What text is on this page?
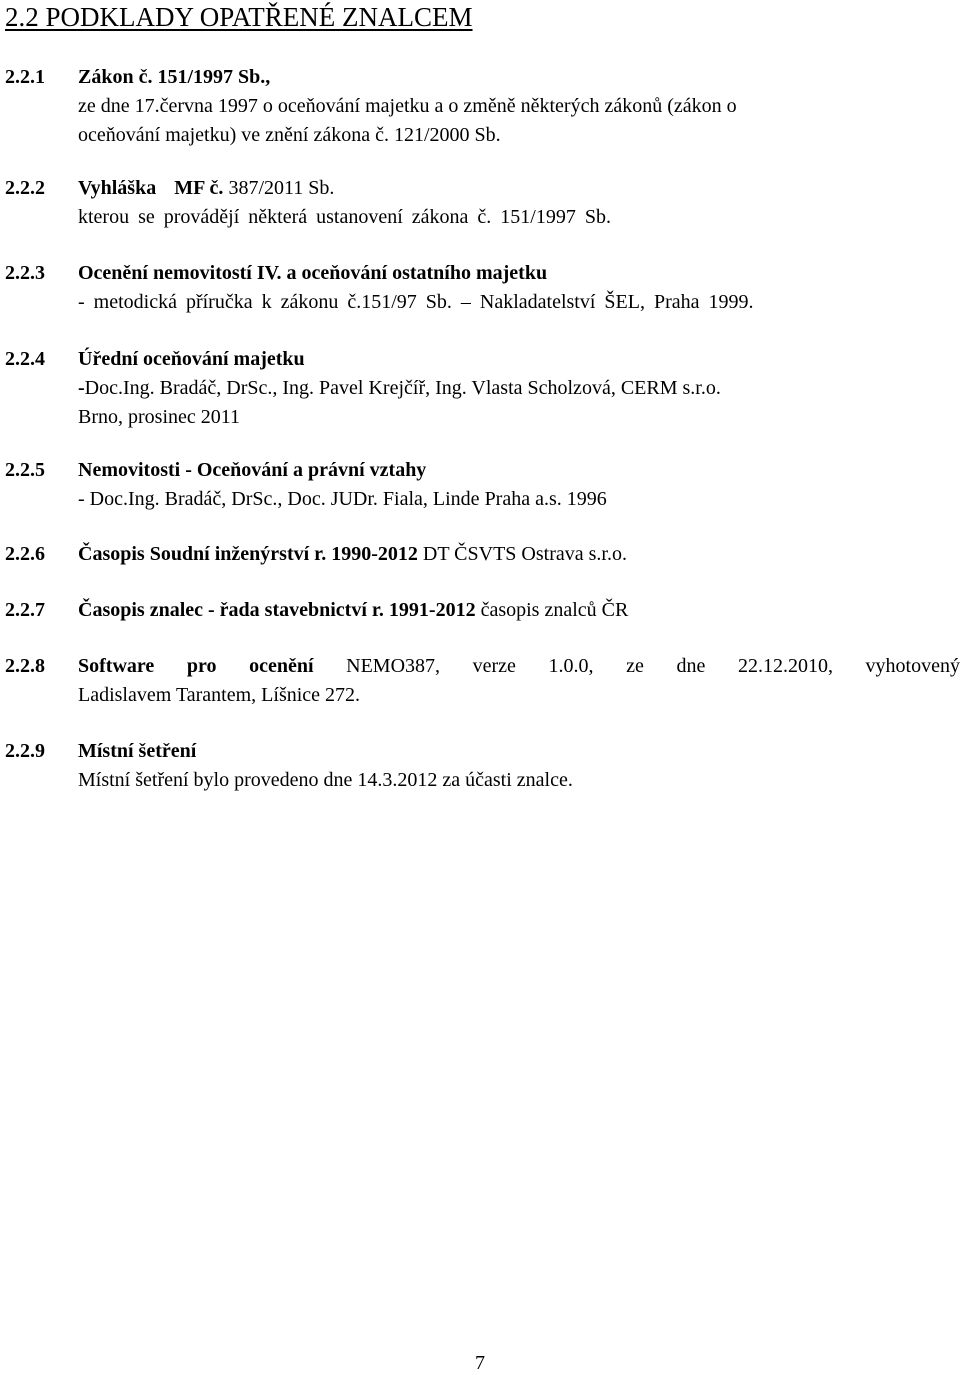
2.2 PODKLADY OPATŘENÉ ZNALCEM
2.2.1 Zákon č. 151/1997 Sb.,
ze dne 17.června 1997 o oceňování majetku a o změně některých zákonů (zákon o
oceňování majetku) ve znění zákona č. 121/2000 Sb.
2.2.2 Vyhláška MF č. 387/2011 Sb.
kterou se provádějí některá ustanovení zákona č. 151/1997 Sb.
2.2.3 Ocenění nemovitostí IV. a oceňování ostatního majetku
- metodická příručka k zákonu č.151/97 Sb. – Nakladatelství ŠEL, Praha 1999.
2.2.4 Úřední oceňování majetku
-Doc.Ing. Bradáč, DrSc., Ing. Pavel Krejčíř, Ing. Vlasta Scholzová, CERM s.r.o.
Brno, prosinec 2011
2.2.5 Nemovitosti - Oceňování a právní vztahy
- Doc.Ing. Bradáč, DrSc., Doc. JUDr. Fiala, Linde Praha a.s. 1996
2.2.6 Časopis Soudní inženýrství r. 1990-2012 DT ČSVTS Ostrava s.r.o.
2.2.7 Časopis znalec - řada stavebnictví r. 1991-2012 časopis znalců ČR
2.2.8 Software pro ocenění NEMO387, verze 1.0.0, ze dne 22.12.2010, vyhotovený
Ladislavem Tarantem, Líšnice 272.
2.2.9 Místní šetření
Místní šetření bylo provedeno dne 14.3.2012 za účasti znalce.
7
